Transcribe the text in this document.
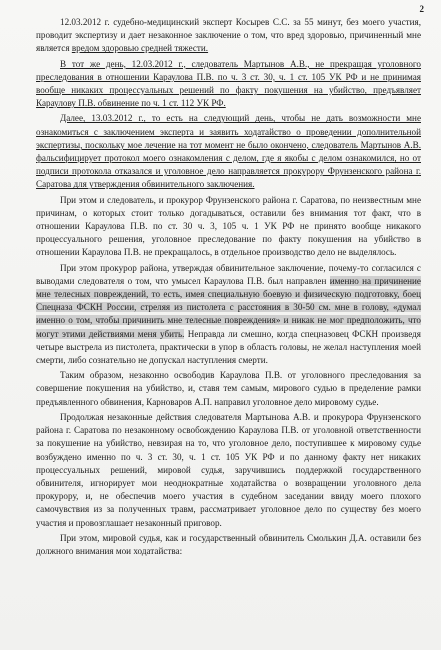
2

12.03.2012 г. судебно-медицинский эксперт Косырев С.С. за 55 минут, без моего участия, проводит экспертизу и дает незаконное заключение о том, что вред здоровью, причиненный мне является вредом здоровью средней тяжести.

В тот же день, 12.03.2012 г., следователь Мартынов А.В., не прекращая уголовного преследования в отношении Караулова П.В. по ч. 3 ст. 30, ч. 1 ст. 105 УК РФ и не принимая вообще никаких процессуальных решений по факту покушения на убийство, предъявляет Караулову П.В. обвинение по ч. 1 ст. 112 УК РФ.

Далее, 13.03.2012 г., то есть на следующий день, чтобы не дать возможности мне ознакомиться с заключением эксперта и заявить ходатайство о проведении дополнительной экспертизы, поскольку мое лечение на тот момент не было окончено, следователь Мартынов А.В. фальсифицирует протокол моего ознакомления с делом, где я якобы с делом ознакомился, но от подписи протокола отказался и уголовное дело направляется прокурору Фрунзенского района г. Саратова для утверждения обвинительного заключения.

При этом и следователь, и прокурор Фрунзенского района г. Саратова, по неизвестным мне причинам, о которых стоит только догадываться, оставили без внимания тот факт, что в отношении Караулова П.В. по ст. 30 ч. 3, 105 ч. 1 УК РФ не принято вообще никакого процессуального решения, уголовное преследование по факту покушения на убийство в отношении Караулова П.В. не прекращалось, в отдельное производство дело не выделялось.

При этом прокурор района, утверждая обвинительное заключение, почему-то согласился с выводами следователя о том, что умысел Караулова П.В. был направлен именно на причинение мне телесных повреждений, то есть, имея специальную боевую и физическую подготовку, боец Спецназа ФСКН России, стреляя из пистолета с расстояния в 30-50 см. мне в голову, «думал именно о том, чтобы причинить мне телесные повреждения» и никак не мог предположить, что могут этими действиями меня убить. Неправда ли смешно, когда спецназовец ФСКН произведя четыре выстрела из пистолета, практически в упор в область головы, не желал наступления моей смерти, либо сознательно не допускал наступления смерти.

Таким образом, незаконно освободив Караулова П.В. от уголовного преследования за совершение покушения на убийство, и, ставя тем самым, мирового судью в пределение рамки предъявленного обвинения, Карноваров А.П. направил уголовное дело мировому судье.

Продолжая незаконные действия следователя Мартынова А.В. и прокурора Фрунзенского района г. Саратова по незаконному освобождению Караулова П.В. от уголовной ответственности за покушение на убийство, невзирая на то, что уголовное дело, поступившее к мировому судье возбуждено именно по ч. 3 ст. 30, ч. 1 ст. 105 УК РФ и по данному факту нет никаких процессуальных решений, мировой судья, заручившись поддержкой государственного обвинителя, игнорирует мои неоднократные ходатайства о возвращении уголовного дела прокурору, и, не обеспечив моего участия в судебном заседании ввиду моего плохого самочувствия из за полученных травм, рассматривает уголовное дело по существу без моего участия и провозглашает незаконный приговор.

При этом, мировой судья, как и государственный обвинитель Смолькин Д.А. оставили без должного внимания мои ходатайства:
